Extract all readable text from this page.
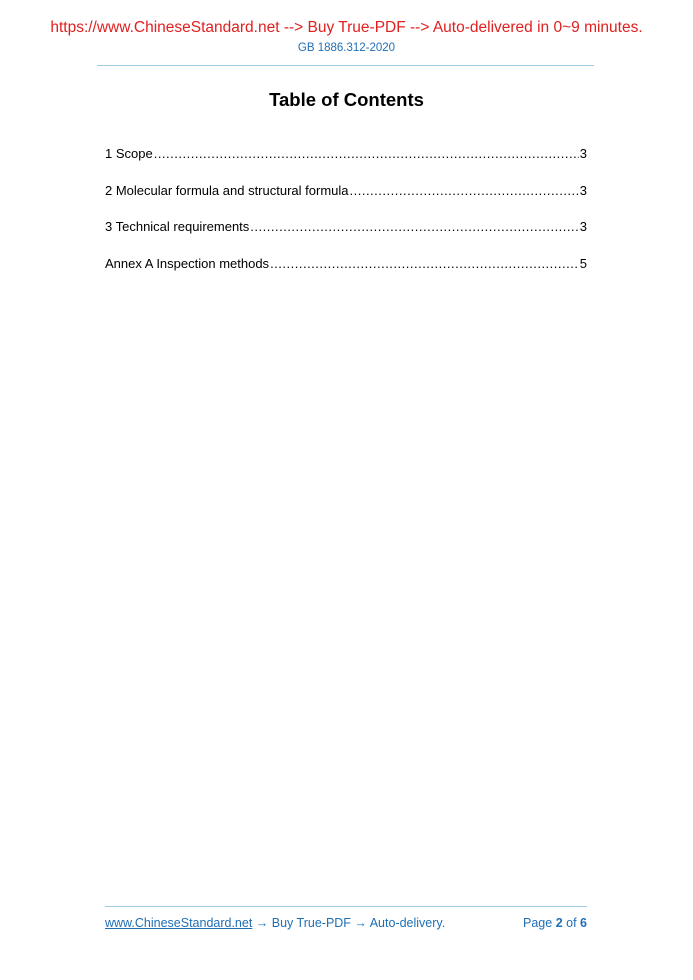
https://www.ChineseStandard.net --> Buy True-PDF --> Auto-delivered in 0~9 minutes.
GB 1886.312-2020
Table of Contents
1 Scope .....	3
2 Molecular formula and structural formula .....	3
3 Technical requirements .....	3
Annex A Inspection methods .....	5
www.ChineseStandard.net → Buy True-PDF → Auto-delivery.	Page 2 of 6
